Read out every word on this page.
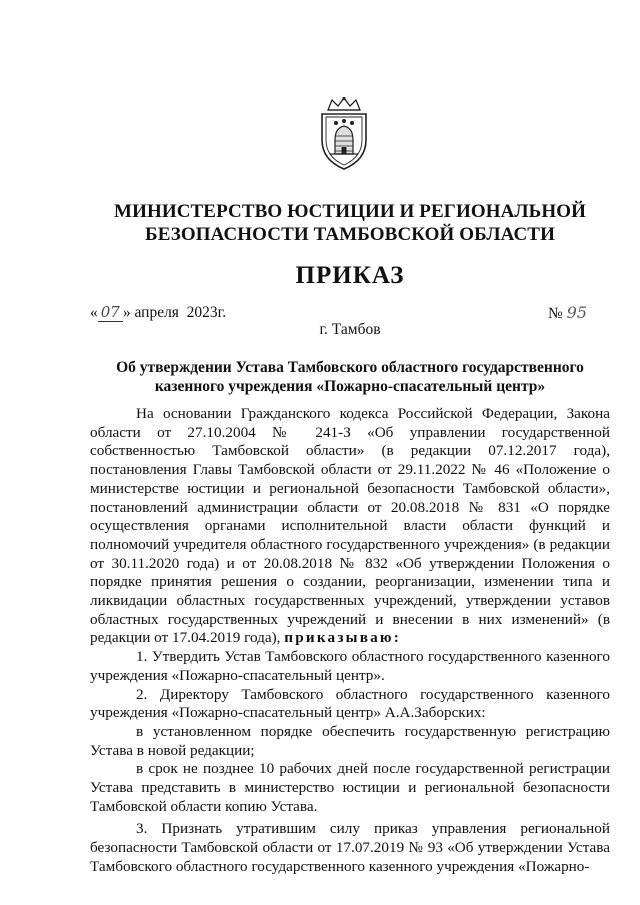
МИНИСТЕРСТВО ЮСТИЦИИ И РЕГИОНАЛЬНОЙ
БЕЗОПАСНОСТИ ТАМБОВСКОЙ ОБЛАСТИ
ПРИКАЗ
« 07 » апреля  2023г.	№ 95
г. Тамбов
Об утверждении Устава Тамбовского областного государственного
казенного учреждения «Пожарно-спасательный центр»

На основании Гражданского кодекса Российской Федерации, Закона области от 27.10.2004 № 241-З «Об управлении государственной собственностью Тамбовской области» (в редакции 07.12.2017 года), постановления Главы Тамбовской области от 29.11.2022 № 46 «Положение о министерстве юстиции и региональной безопасности Тамбовской области», постановлений администрации области от 20.08.2018 № 831 «О порядке осуществления органами исполнительной власти области функций и полномочий учредителя областного государственного учреждения» (в редакции от 30.11.2020 года) и от 20.08.2018 № 832 «Об утверждении Положения о порядке принятия решения о создании, реорганизации, изменении типа и ликвидации областных государственных учреждений, утверждении уставов областных государственных учреждений и внесении в них изменений» (в редакции от 17.04.2019 года), приказываю:

1. Утвердить Устав Тамбовского областного государственного казенного учреждения «Пожарно-спасательный центр».

2. Директору Тамбовского областного государственного казенного учреждения «Пожарно-спасательный центр» А.А.Заборских:

в установленном порядке обеспечить государственную регистрацию Устава в новой редакции;

в срок не позднее 10 рабочих дней после государственной регистрации Устава представить в министерство юстиции и региональной безопасности Тамбовской области копию Устава.

3. Признать утратившим силу приказ управления региональной безопасности Тамбовской области от 17.07.2019 № 93 «Об утверждении Устава Тамбовского областного государственного казенного учреждения «Пожарно-
